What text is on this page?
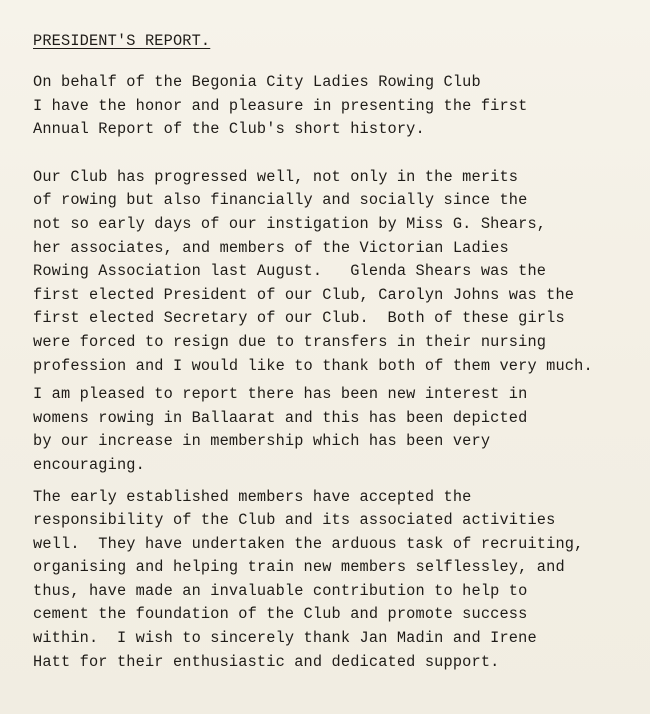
PRESIDENT'S REPORT.
On behalf of the Begonia City Ladies Rowing Club
I have the honor and pleasure in presenting the first
Annual Report of the Club's short history.
Our Club has progressed well, not only in the merits
of rowing but also financially and socially since the
not so early days of our instigation by Miss G. Shears,
her associates, and members of the Victorian Ladies
Rowing Association last August.   Glenda Shears was the
first elected President of our Club, Carolyn Johns was the
first elected Secretary of our Club.  Both of these girls
were forced to resign due to transfers in their nursing
profession and I would like to thank both of them very much.
I am pleased to report there has been new interest in
womens rowing in Ballaarat and this has been depicted
by our increase in membership which has been very
encouraging.
The early established members have accepted the
responsibility of the Club and its associated activities
well.  They have undertaken the arduous task of recruiting,
organising and helping train new members selflessley, and
thus, have made an invaluable contribution to help to
cement the foundation of the Club and promote success
within.  I wish to sincerely thank Jan Madin and Irene
Hatt for their enthusiastic and dedicated support.
